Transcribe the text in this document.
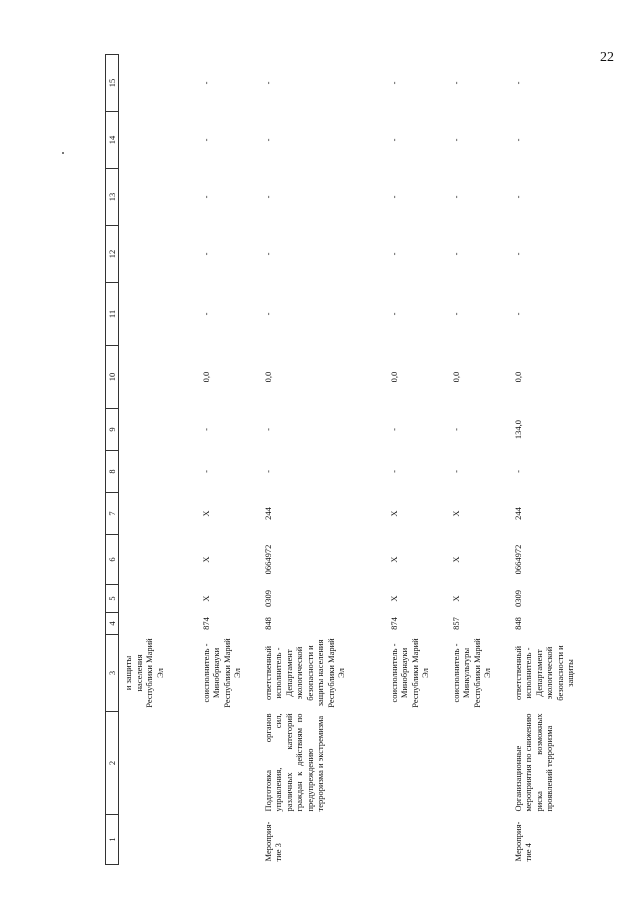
22
1	2	3	4	5	6	7	8	9	10	11	12	13	14	15
		и защиты населения Республики Марий Эл												
		соисполнитель - Минобрнауки Республики Марий Эл	874	X	X	X	-	-	0,0	-	-	-	-	-
Мероприятие 3	Подготовка органов управления, сил, различных категорий граждан к действиям по предупреждению терроризма и экстремизма	ответственный исполнитель - Департамент экологической безопасности и защиты населения Республики Марий Эл	848	0309	0664972	244	-	-	0,0	-	-	-	-	-
		соисполнитель - Минобрнауки Республики Марий Эл	874	X	X	X	-	-	0,0	-	-	-	-	-
		соисполнитель - Минкультуры Республики Марий Эл	857	X	X	X	-	-	0,0	-	-	-	-	-
Мероприятие 4	Организационные мероприятия по снижению риска возможных проявлений терроризма	ответственный исполнитель - Департамент экологической безопасности и защиты	848	0309	0664972	244	-	134,0	0,0	-	-	-	-	-
